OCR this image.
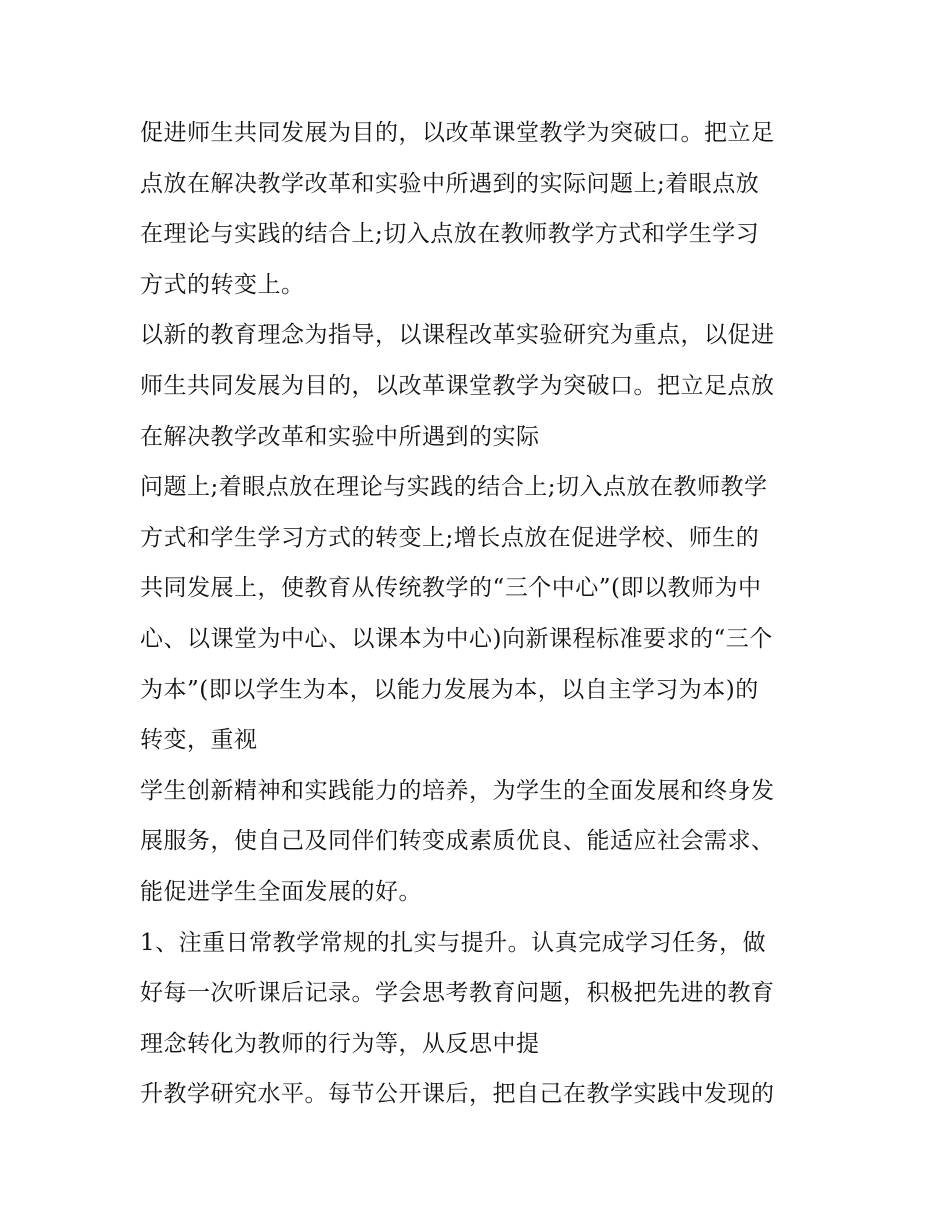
促进师生共同发展为目的，以改革课堂教学为突破口。把立足
点放在解决教学改革和实验中所遇到的实际问题上;着眼点放
在理论与实践的结合上;切入点放在教师教学方式和学生学习
方式的转变上。
以新的教育理念为指导，以课程改革实验研究为重点，以促进
师生共同发展为目的，以改革课堂教学为突破口。把立足点放
在解决教学改革和实验中所遇到的实际
问题上;着眼点放在理论与实践的结合上;切入点放在教师教学
方式和学生学习方式的转变上;增长点放在促进学校、师生的
共同发展上，使教育从传统教学的“三个中心”(即以教师为中
心、以课堂为中心、以课本为中心)向新课程标准要求的“三个
为本”(即以学生为本，以能力发展为本，以自主学习为本)的
转变，重视
学生创新精神和实践能力的培养，为学生的全面发展和终身发
展服务，使自己及同伴们转变成素质优良、能适应社会需求、
能促进学生全面发展的好。
1、注重日常教学常规的扎实与提升。认真完成学习任务，做
好每一次听课后记录。学会思考教育问题，积极把先进的教育
理念转化为教师的行为等，从反思中提
升教学研究水平。每节公开课后，把自己在教学实践中发现的
